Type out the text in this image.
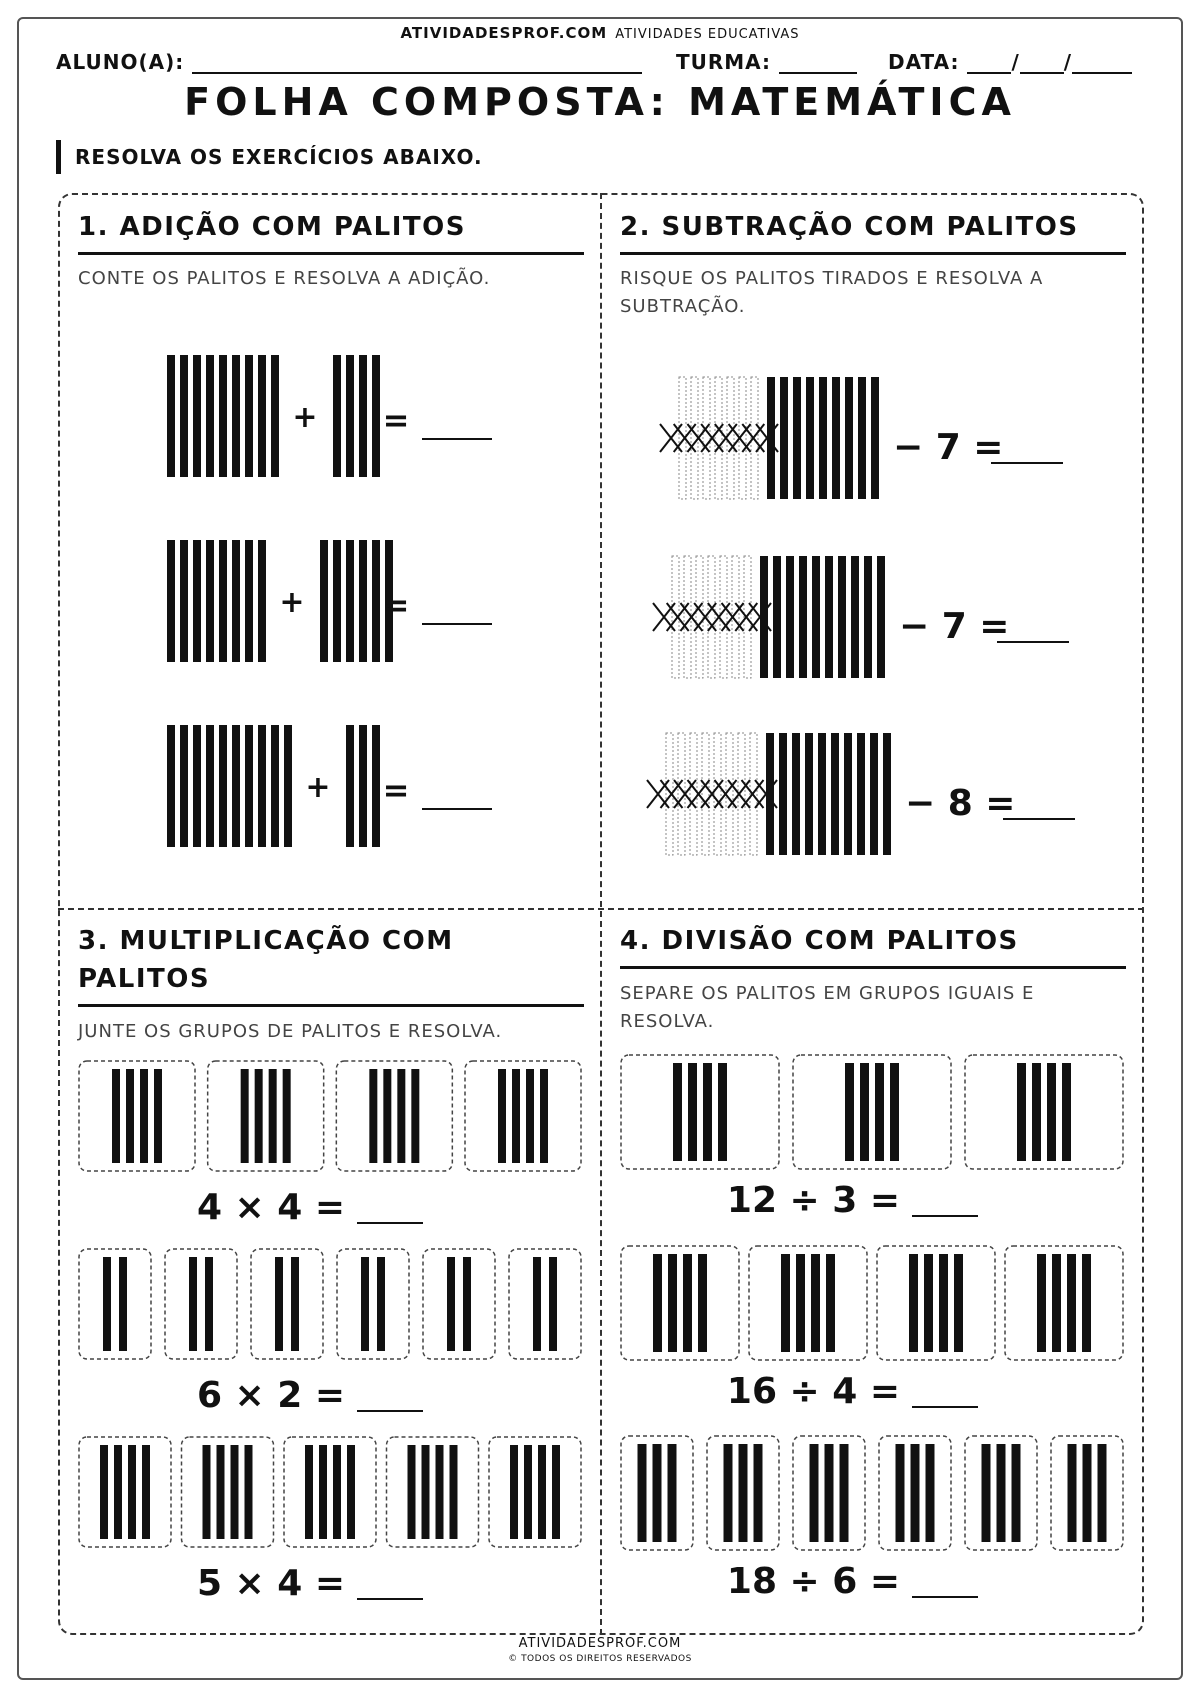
ATIVIDADESPROF.COM ATIVIDADES EDUCATIVAS
ALUNO(A):	TURMA:	DATA:	/ /
FOLHA COMPOSTA: MATEMÁTICA
RESOLVA OS EXERCÍCIOS ABAIXO.
1. ADIÇÃO COM PALITOS
CONTE OS PALITOS E RESOLVA A ADIÇÃO.
2. SUBTRAÇÃO COM PALITOS
RISQUE OS PALITOS TIRADOS E RESOLVA A SUBTRAÇÃO.
3. MULTIPLICAÇÃO COM
PALITOS
JUNTE OS GRUPOS DE PALITOS E RESOLVA.
4. DIVISÃO COM PALITOS
SEPARE OS PALITOS EM GRUPOS IGUAIS E RESOLVA.
+ =
+ =
+ =
− 7 =
− 7 =
− 8 =
4 × 4 =
6 × 2 =
5 × 4 =
12 ÷ 3 =
16 ÷ 4 =
18 ÷ 6 =
ATIVIDADESPROF.COM
© TODOS OS DIREITOS RESERVADOS
